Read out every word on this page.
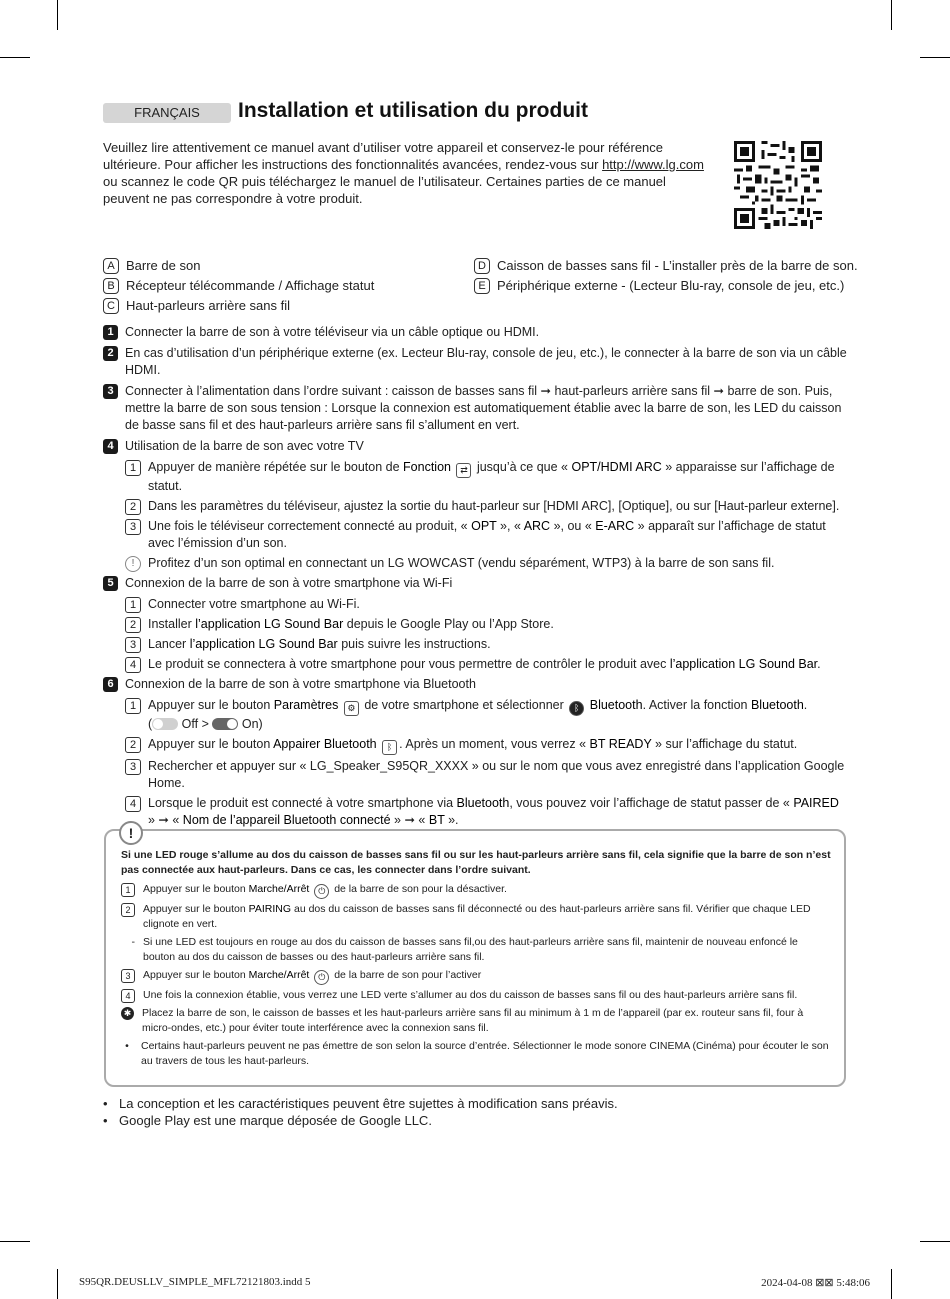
FRANÇAIS	Installation et utilisation du produit
Veuillez lire attentivement ce manuel avant d’utiliser votre appareil et conservez-le pour référence ultérieure. Pour afficher les instructions des fonctionnalités avancées, rendez-vous sur http://www.lg.com ou scannez le code QR puis téléchargez le manuel de l’utilisateur. Certaines parties de ce manuel peuvent ne pas correspondre à votre produit.
A Barre de son
B Récepteur télécommande / Affichage statut
C Haut-parleurs arrière sans fil
D Caisson de basses sans fil - L’installer près de la barre de son.
E Périphérique externe - (Lecteur Blu-ray, console de jeu, etc.)
1 Connecter la barre de son à votre téléviseur via un câble optique ou HDMI.
2 En cas d’utilisation d’un périphérique externe (ex. Lecteur Blu-ray, console de jeu, etc.), le connecter à la barre de son via un câble HDMI.
3 Connecter à l’alimentation dans l’ordre suivant : caisson de basses sans fil ➞ haut-parleurs arrière sans fil ➞ barre de son. Puis, mettre la barre de son sous tension : Lorsque la connexion est automatiquement établie avec la barre de son, les LED du caisson de basse sans fil et des haut-parleurs arrière sans fil s’allument en vert.
4 Utilisation de la barre de son avec votre TV
1 Appuyer de manière répétée sur le bouton de Fonction ⇄ jusqu’à ce que « OPT/HDMI ARC » apparaisse sur l’affichage de statut.
2 Dans les paramètres du téléviseur, ajustez la sortie du haut-parleur sur [HDMI ARC], [Optique], ou sur [Haut-parleur externe].
3 Une fois le téléviseur correctement connecté au produit, « OPT », « ARC », ou « E-ARC » apparaît sur l’affichage de statut avec l’émission d’un son.
!	Profitez d’un son optimal en connectant un LG WOWCAST (vendu séparément, WTP3) à la barre de son sans fil.
5 Connexion de la barre de son à votre smartphone via Wi-Fi
1 Connecter votre smartphone au Wi-Fi.
2 Installer l’application LG Sound Bar depuis le Google Play ou l’App Store.
3 Lancer l’application LG Sound Bar puis suivre les instructions.
4 Le produit se connectera à votre smartphone pour vous permettre de contrôler le produit avec l’application LG Sound Bar.
6 Connexion de la barre de son à votre smartphone via Bluetooth
1 Appuyer sur le bouton Paramètres ⚙ de votre smartphone et sélectionner ᛒ Bluetooth. Activer la fonction Bluetooth.
( Off >  On)
2 Appuyer sur le bouton Appairer Bluetooth ᛒ . Après un moment, vous verrez « BT READY » sur l’affichage du statut.
3 Rechercher et appuyer sur « LG_Speaker_S95QR_XXXX » ou sur le nom que vous avez enregistré dans l’application Google Home.
4 Lorsque le produit est connecté à votre smartphone via Bluetooth, vous pouvez voir l’affichage de statut passer de « PAIRED » ➞ « Nom de l’appareil Bluetooth connecté » ➞ « BT ».
!
Si une LED rouge s’allume au dos du caisson de basses sans fil ou sur les haut-parleurs arrière sans fil, cela signifie que la barre de son n’est pas connectée aux haut-parleurs. Dans ce cas, les connecter dans l’ordre suivant.
1	Appuyer sur le bouton Marche/Arrêt ⏻ de la barre de son pour la désactiver.
2	Appuyer sur le bouton PAIRING au dos du caisson de basses sans fil déconnecté ou des haut-parleurs arrière sans fil. Vérifier que chaque LED clignote en vert.
- Si une LED est toujours en rouge au dos du caisson de basses sans fil,ou des haut-parleurs arrière sans fil, maintenir de nouveau enfoncé le bouton au dos du caisson de basses ou des haut-parleurs arrière sans fil.
3	Appuyer sur le bouton Marche/Arrêt ⏻ de la barre de son pour l’activer
4	Une fois la connexion établie, vous verrez une LED verte s’allumer au dos du caisson de basses sans fil ou des haut-parleurs arrière sans fil.
✱ Placez la barre de son, le caisson de basses et les haut-parleurs arrière sans fil au minimum à 1 m de l’appareil (par ex. routeur sans fil, four à micro-ondes, etc.) pour éviter toute interférence avec la connexion sans fil.
•	Certains haut-parleurs peuvent ne pas émettre de son selon la source d’entrée. Sélectionner le mode sonore CINEMA (Cinéma) pour écouter le son au travers de tous les haut-parleurs.
• La conception et les caractéristiques peuvent être sujettes à modification sans préavis.
• Google Play est une marque déposée de Google LLC.
S95QR.DEUSLLV_SIMPLE_MFL72121803.indd 5	2024-04-08 ⊠⊠ 5:48:06
